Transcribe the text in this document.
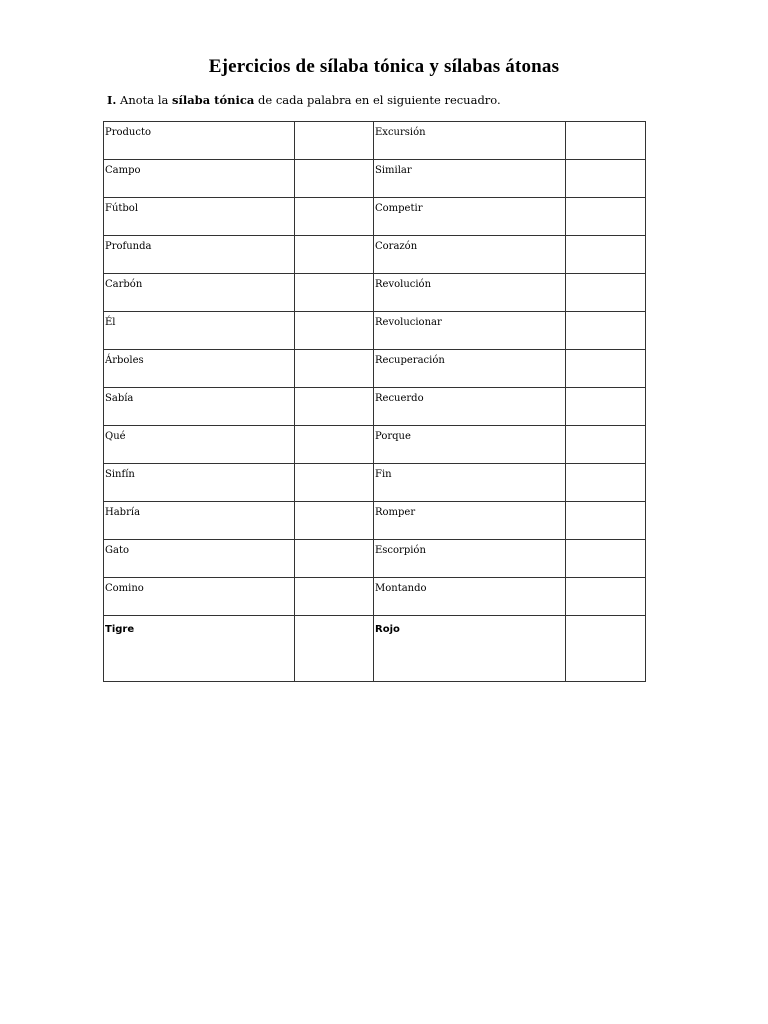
Ejercicios de sílaba tónica y sílabas átonas
I. Anota la sílaba tónica de cada palabra en el siguiente recuadro.
Producto		Excursión	
Campo		Similar	
Fútbol		Competir	
Profunda		Corazón	
Carbón		Revolución	
Él		Revolucionar	
Árboles		Recuperación	
Sabía		Recuerdo	
Qué		Porque	
Sinfín		Fin	
Habría		Romper	
Gato		Escorpión	
Comino		Montando	
Tigre		Rojo	
